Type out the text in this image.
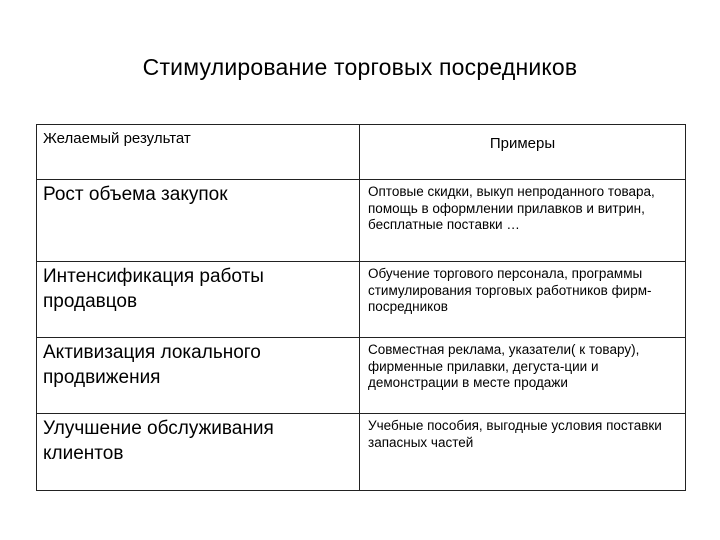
Стимулирование торговых посредников
Желаемый результат	Примеры
Рост объема закупок	Оптовые скидки, выкуп непроданного товара, помощь в оформлении прилавков и витрин, бесплатные поставки …
Интенсификация работы продавцов	Обучение торгового персонала, программы стимулирования торговых работников фирм-посредников
Активизация локального продвижения	Совместная реклама, указатели( к товару), фирменные прилавки, дегуста-ции и демонстрации в месте продажи
Улучшение обслуживания клиентов	Учебные пособия, выгодные условия поставки запасных частей
